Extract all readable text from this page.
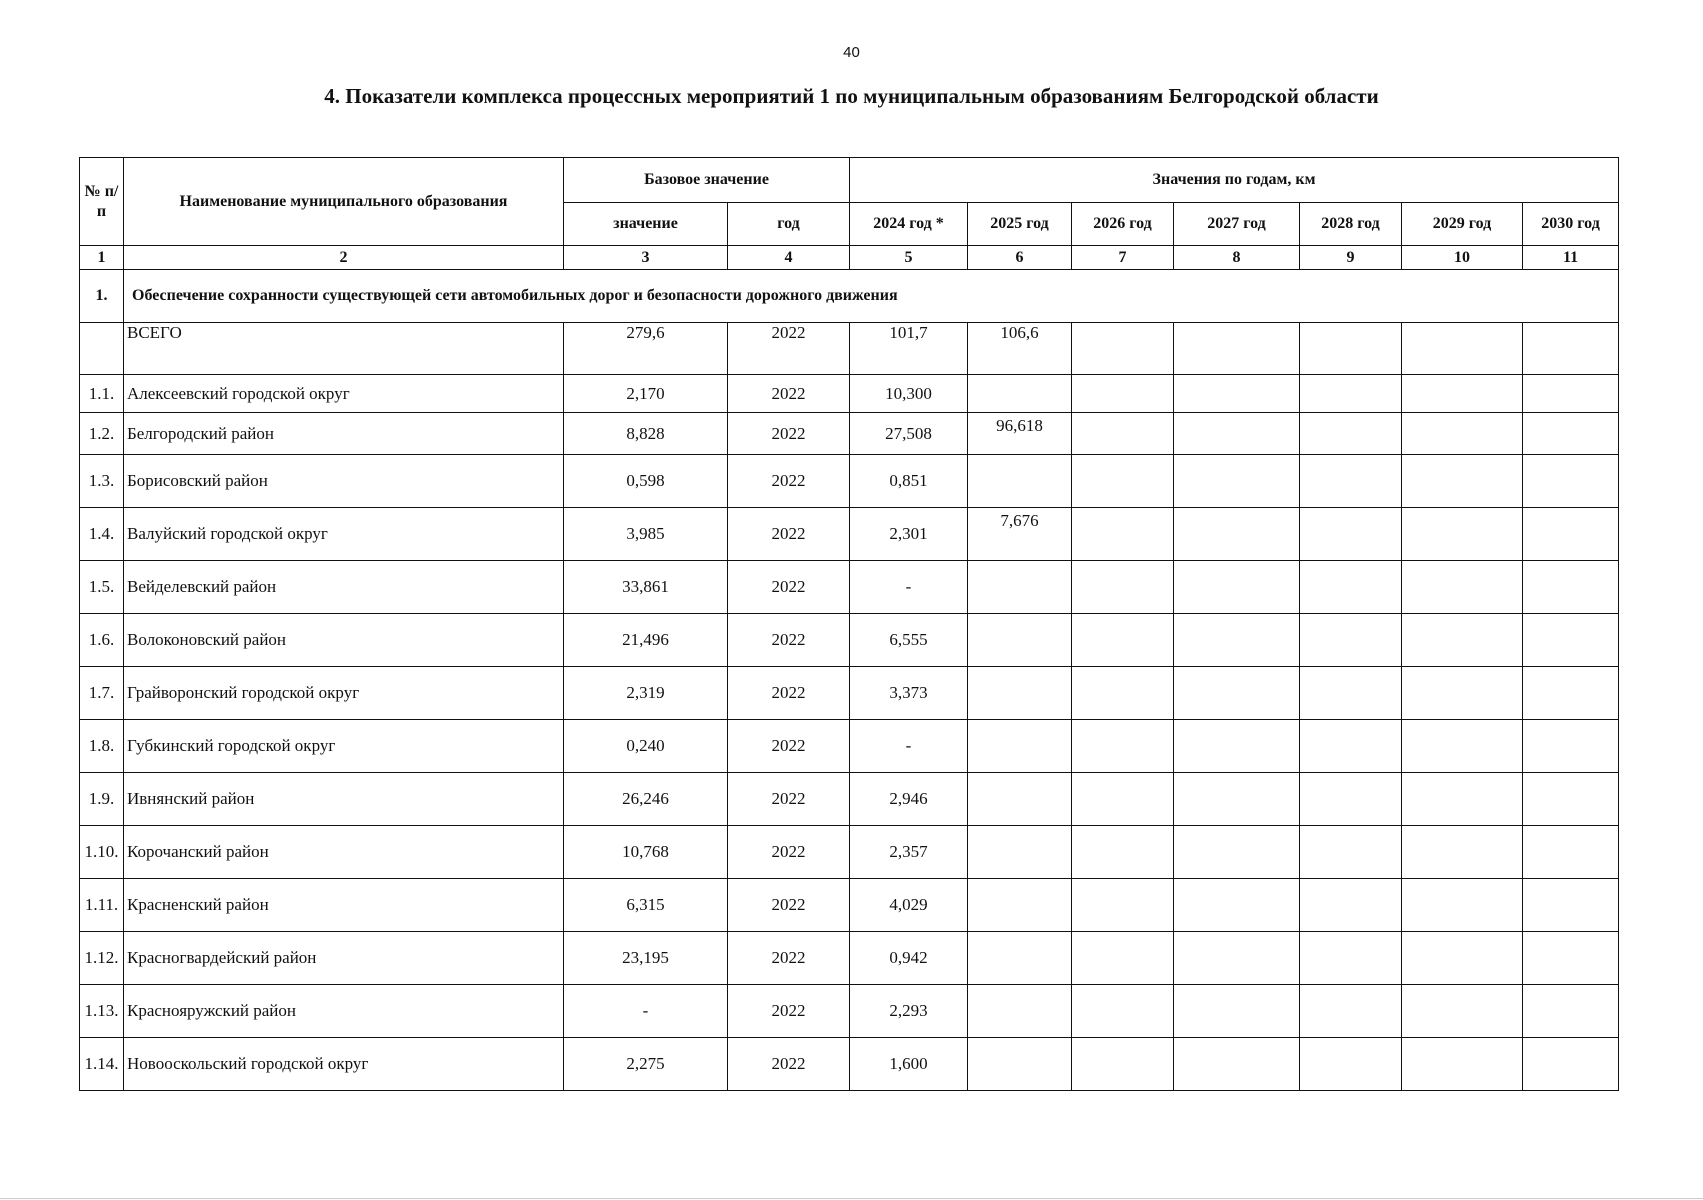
40
4. Показатели комплекса процессных мероприятий 1 по муниципальным образованиям Белгородской области
№ п/п	Наименование муниципального образования	Базовое значение		Значения по годам, км						
		значение	год	2024 год *	2025 год	2026 год	2027 год	2028 год	2029 год	2030 год
1	2	3	4	5	6	7	8	9	10	11
1.	Обеспечение сохранности существующей сети автомобильных дорог и безопасности дорожного движения									
	ВСЕГО	279,6	2022	101,7	106,6					
1.1.	Алексеевский городской округ	2,170	2022	10,300						
1.2.	Белгородский район	8,828	2022	27,508	96,618					
1.3.	Борисовский район	0,598	2022	0,851						
1.4.	Валуйский городской округ	3,985	2022	2,301	7,676					
1.5.	Вейделевский район	33,861	2022	-						
1.6.	Волоконовский район	21,496	2022	6,555						
1.7.	Грайворонский городской округ	2,319	2022	3,373						
1.8.	Губкинский городской округ	0,240	2022	-						
1.9.	Ивнянский район	26,246	2022	2,946						
1.10.	Корочанский район	10,768	2022	2,357						
1.11.	Красненский район	6,315	2022	4,029						
1.12.	Красногвардейский район	23,195	2022	0,942						
1.13.	Краснояружский район	-	2022	2,293						
1.14.	Новооскольский городской округ	2,275	2022	1,600						
